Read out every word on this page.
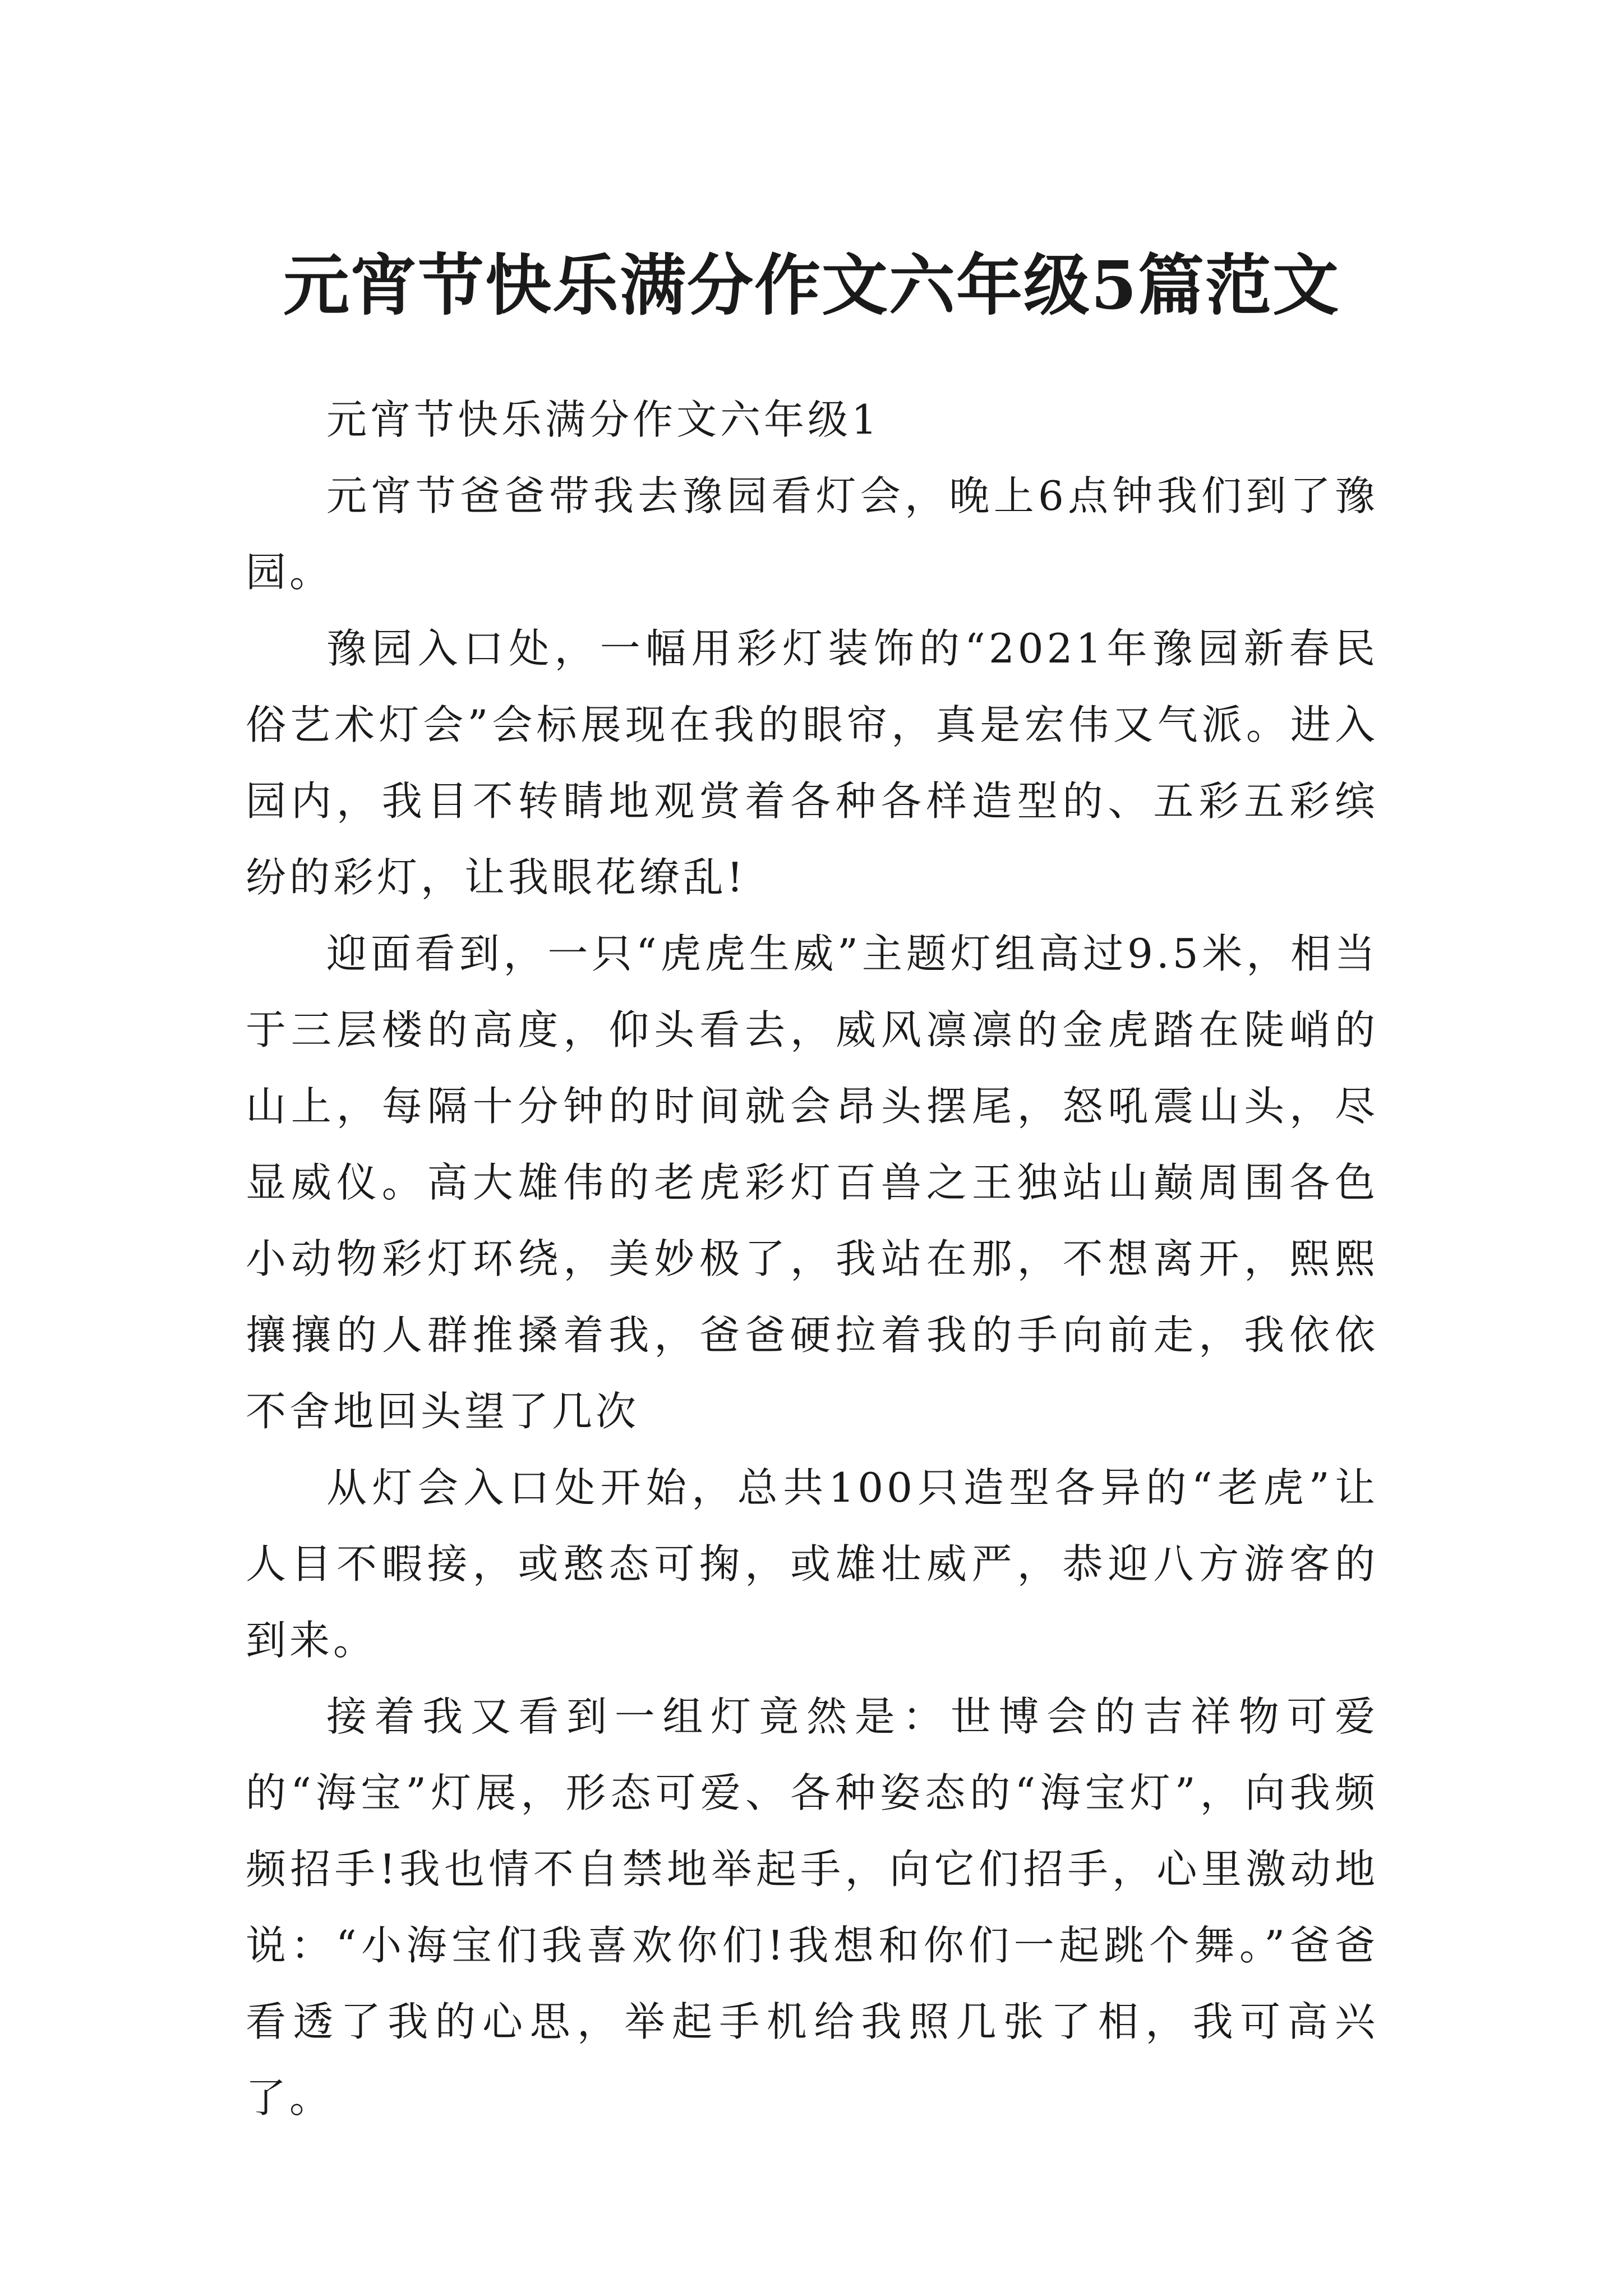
元宵节快乐满分作文六年级5篇范文

元宵节快乐满分作文六年级1

元宵节爸爸带我去豫园看灯会，晚上6点钟我们到了豫园。

豫园入口处，一幅用彩灯装饰的“2021年豫园新春民俗艺术灯会”会标展现在我的眼帘，真是宏伟又气派。进入园内，我目不转睛地观赏着各种各样造型的、五彩五彩缤纷的彩灯，让我眼花缭乱!

迎面看到，一只“虎虎生威”主题灯组高过9.5米，相当于三层楼的高度，仰头看去，威风凛凛的金虎踏在陡峭的山上，每隔十分钟的时间就会昂头摆尾，怒吼震山头，尽显威仪。高大雄伟的老虎彩灯百兽之王独站山巅周围各色小动物彩灯环绕，美妙极了，我站在那，不想离开，熙熙攘攘的人群推搡着我，爸爸硬拉着我的手向前走，我依依不舍地回头望了几次

从灯会入口处开始，总共100只造型各异的“老虎”让人目不暇接，或憨态可掬，或雄壮威严，恭迎八方游客的到来。

接着我又看到一组灯竟然是：世博会的吉祥物可爱的“海宝”灯展，形态可爱、各种姿态的“海宝灯”，向我频频招手!我也情不自禁地举起手，向它们招手，心里激动地说：“小海宝们我喜欢你们!我想和你们一起跳个舞。”爸爸看透了我的心思，举起手机给我照几张了相，我可高兴了。
